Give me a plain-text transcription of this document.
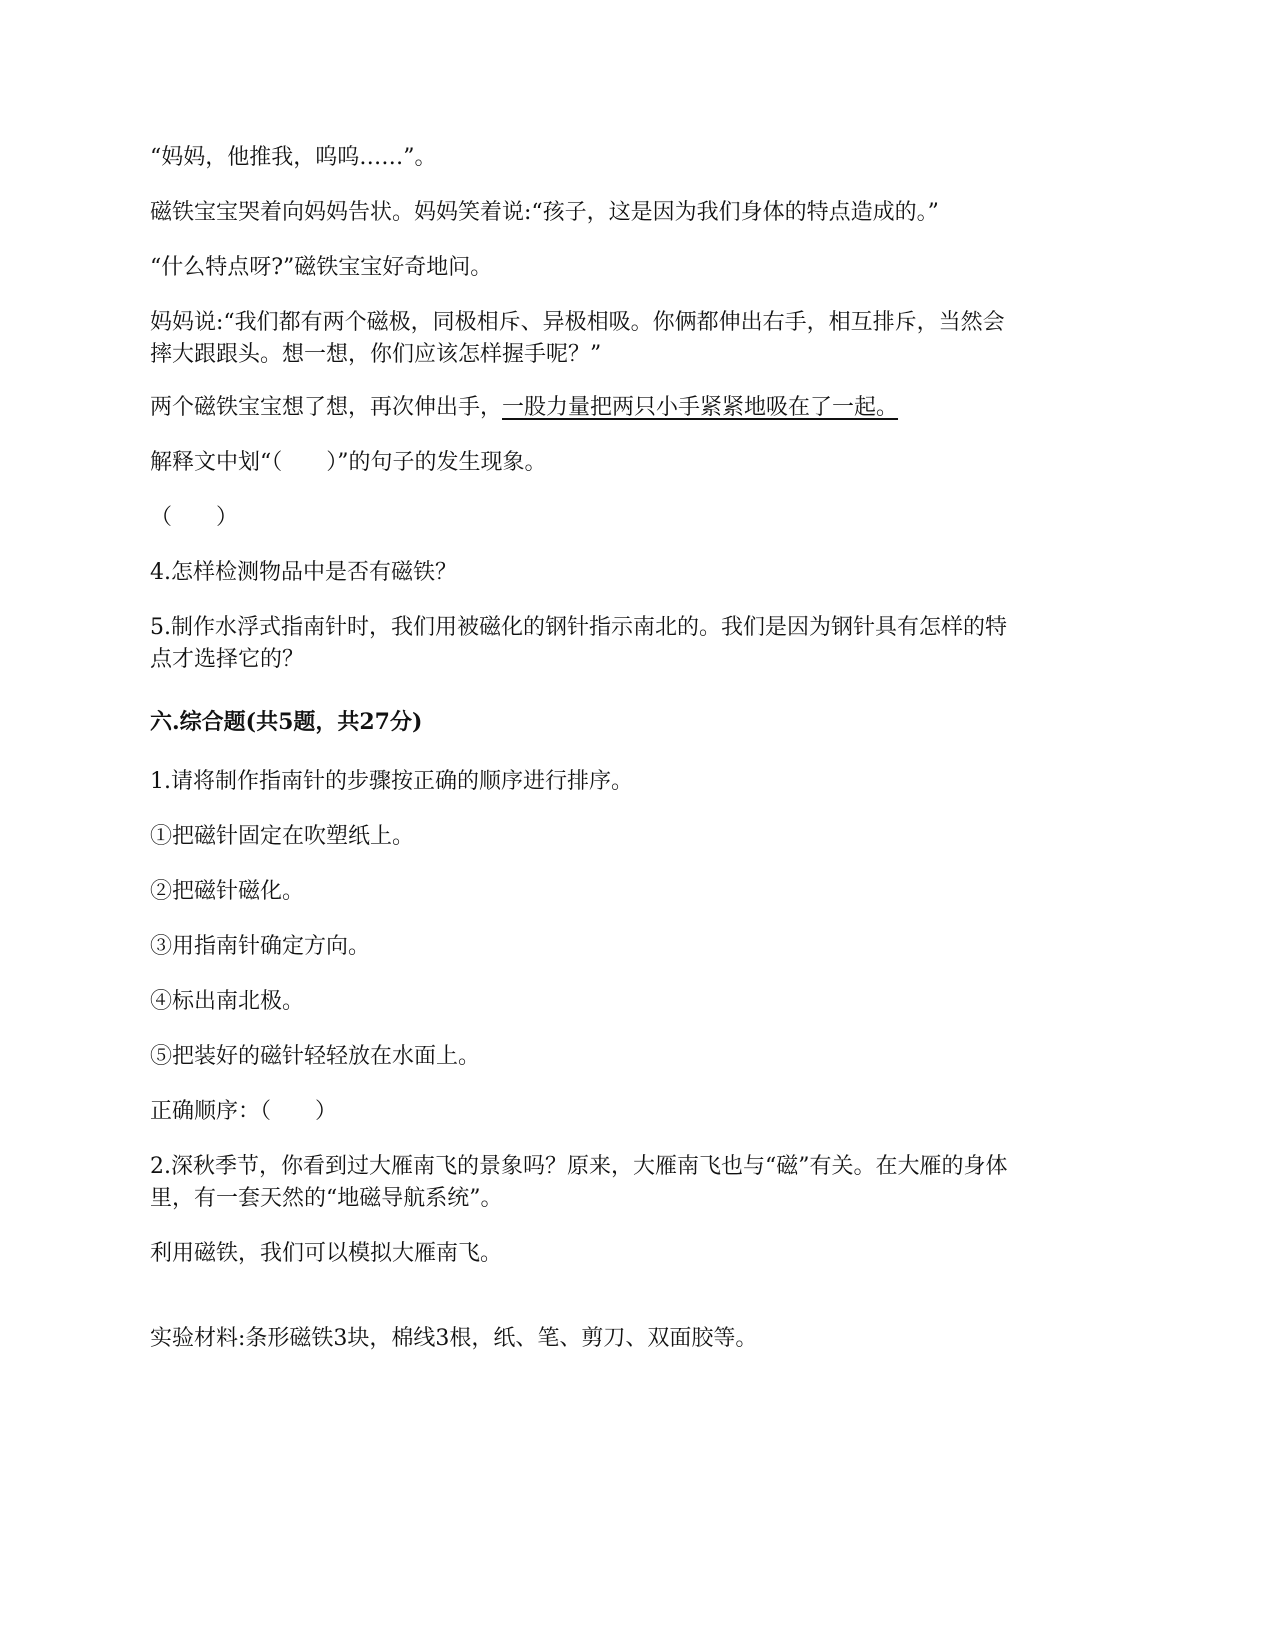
“妈妈，他推我，呜呜……”。

磁铁宝宝哭着向妈妈告状。妈妈笑着说:“孩子，这是因为我们身体的特点造成的。”

“什么特点呀?”磁铁宝宝好奇地问。

妈妈说:“我们都有两个磁极，同极相斥、异极相吸。你俩都伸出右手，相互排斥，当然会

摔大跟跟头。想一想，你们应该怎样握手呢？”

两个磁铁宝宝想了想，再次伸出手，一股力量把两只小手紧紧地吸在了一起。

解释文中划“（　　）”的句子的发生现象。

（　　）

4.怎样检测物品中是否有磁铁？

5.制作水浮式指南针时，我们用被磁化的钢针指示南北的。我们是因为钢针具有怎样的特

点才选择它的？

六.综合题(共5题，共27分)

1.请将制作指南针的步骤按正确的顺序进行排序。

①把磁针固定在吹塑纸上。

②把磁针磁化。

③用指南针确定方向。

④标出南北极。

⑤把装好的磁针轻轻放在水面上。

正确顺序：（　　）

2.深秋季节，你看到过大雁南飞的景象吗？原来，大雁南飞也与“磁”有关。在大雁的身体

里，有一套天然的“地磁导航系统”。

利用磁铁，我们可以模拟大雁南飞。

实验材料:条形磁铁3块，棉线3根，纸、笔、剪刀、双面胶等。
